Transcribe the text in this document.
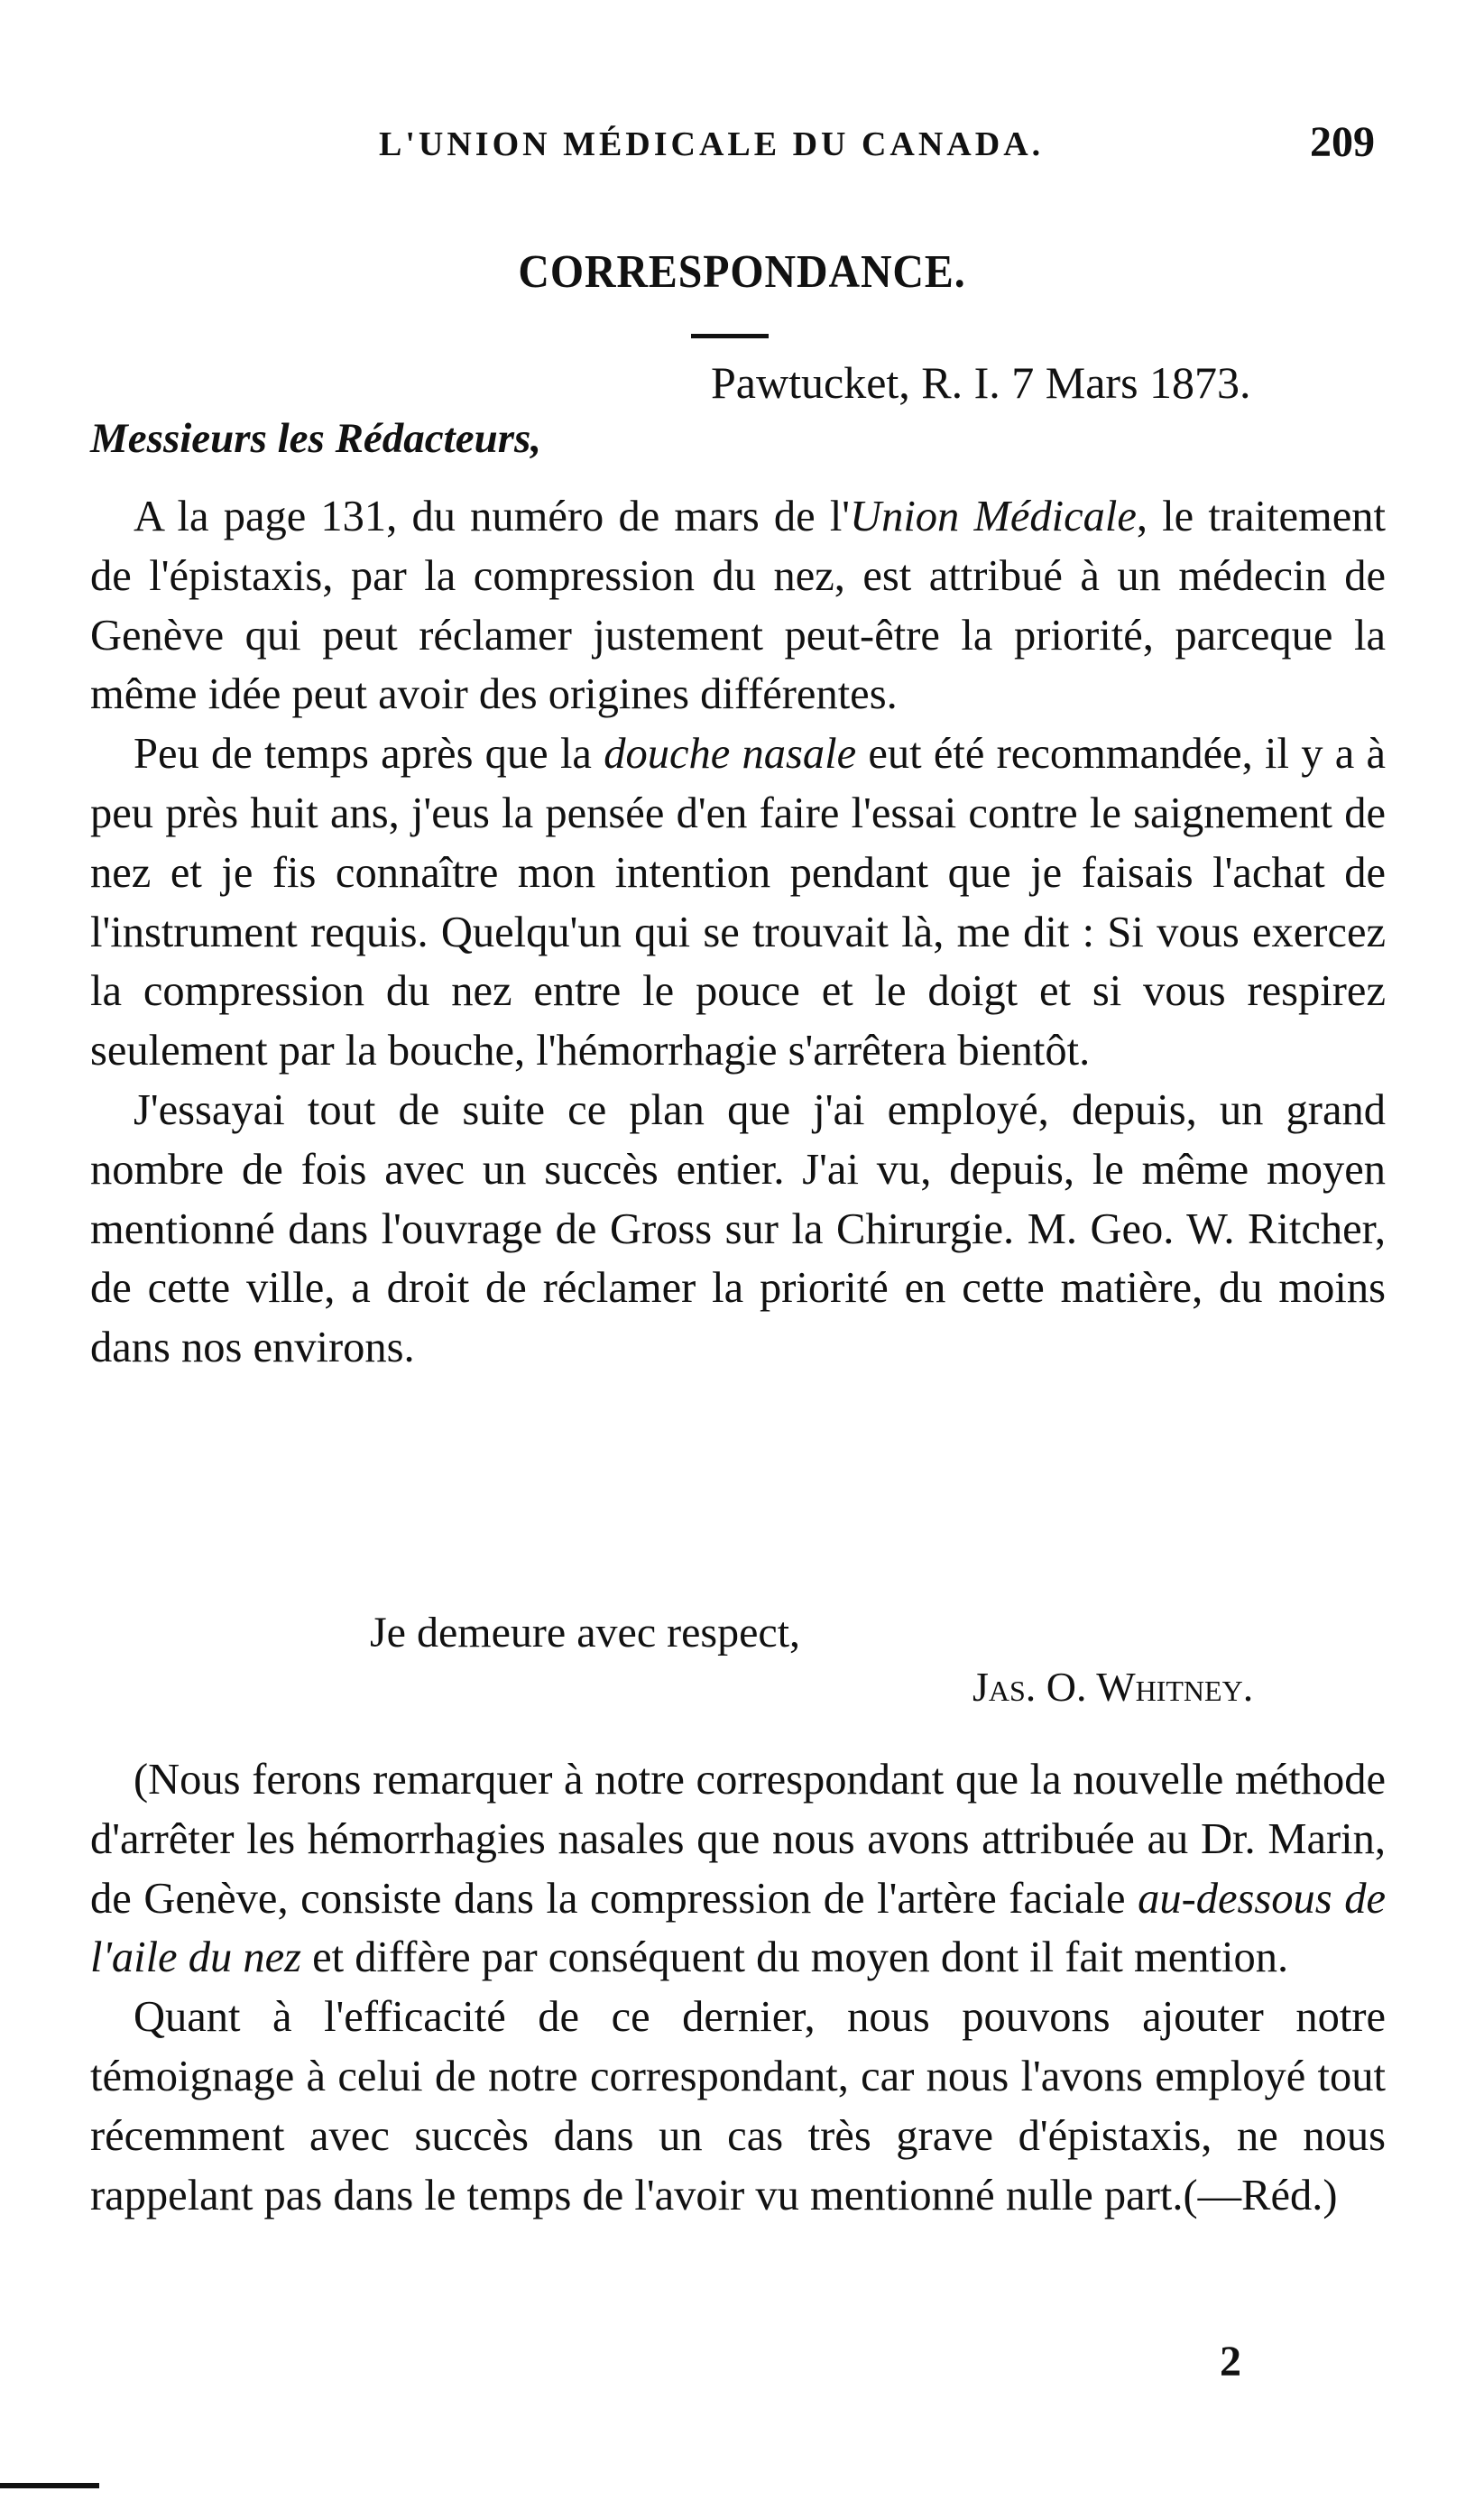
L'UNION MÉDICALE DU CANADA.	209
CORRESPONDANCE.
Pawtucket, R. I. 7 Mars 1873.
Messieurs les Rédacteurs,

A la page 131, du numéro de mars de l'Union Médicale, le traitement de l'épistaxis, par la compression du nez, est attribué à un médecin de Genève qui peut réclamer justement peut-être la priorité, parceque la même idée peut avoir des origines différentes.

Peu de temps après que la douche nasale eut été recommandée, il y a à peu près huit ans, j'eus la pensée d'en faire l'essai contre le saignement de nez et je fis connaître mon intention pendant que je faisais l'achat de l'instrument requis. Quelqu'un qui se trouvait là, me dit : Si vous exercez la compression du nez entre le pouce et le doigt et si vous respirez seulement par la bouche, l'hémorrhagie s'arrêtera bientôt.

J'essayai tout de suite ce plan que j'ai employé, depuis, un grand nombre de fois avec un succès entier. J'ai vu, depuis, le même moyen mentionné dans l'ouvrage de Gross sur la Chirurgie. M. Geo. W. Ritcher, de cette ville, a droit de réclamer la priorité en cette matière, du moins dans nos environs.

Je demeure avec respect,
Jas. O. Whitney.

(Nous ferons remarquer à notre correspondant que la nouvelle méthode d'arrêter les hémorrhagies nasales que nous avons attribuée au Dr. Marin, de Genève, consiste dans la compression de l'artère faciale au-dessous de l'aile du nez et diffère par conséquent du moyen dont il fait mention.

Quant à l'efficacité de ce dernier, nous pouvons ajouter notre témoignage à celui de notre correspondant, car nous l'avons employé tout récemment avec succès dans un cas très grave d'épistaxis, ne nous rappelant pas dans le temps de l'avoir vu mentionné nulle part.(—Réd.)

2
